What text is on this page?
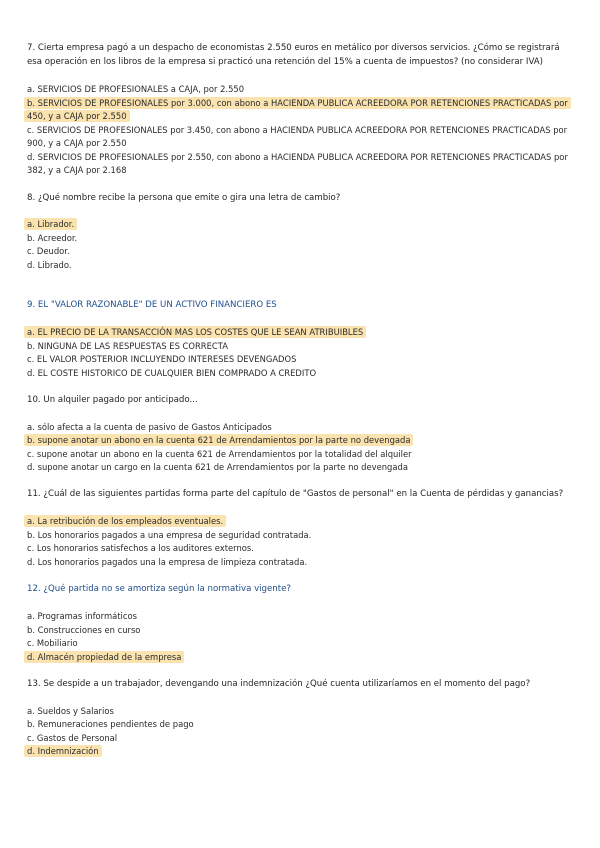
7. Cierta empresa pagó a un despacho de economistas 2.550 euros en metálico por diversos servicios. ¿Cómo se registrará esa operación en los libros de la empresa si practicó una retención del 15% a cuenta de impuestos? (no considerar IVA)
a. SERVICIOS DE PROFESIONALES a CAJA, por 2.550
b. SERVICIOS DE PROFESIONALES por 3.000, con abono a HACIENDA PUBLICA ACREEDORA POR RETENCIONES PRACTICADAS por 450, y a CAJA por 2.550
c. SERVICIOS DE PROFESIONALES por 3.450, con abono a HACIENDA PUBLICA ACREEDORA POR RETENCIONES PRACTICADAS por 900, y a CAJA por 2.550
d. SERVICIOS DE PROFESIONALES por 2.550, con abono a HACIENDA PUBLICA ACREEDORA POR RETENCIONES PRACTICADAS por 382, y a CAJA por 2.168
8. ¿Qué nombre recibe la persona que emite o gira una letra de cambio?
a. Librador.
b. Acreedor.
c. Deudor.
d. Librado.
9. EL "VALOR RAZONABLE" DE UN ACTIVO FINANCIERO ES
a. EL PRECIO DE LA TRANSACCIÓN MAS LOS COSTES QUE LE SEAN ATRIBUIBLES
b. NINGUNA DE LAS RESPUESTAS ES CORRECTA
c. EL VALOR POSTERIOR INCLUYENDO INTERESES DEVENGADOS
d. EL COSTE HISTORICO DE CUALQUIER BIEN COMPRADO A CREDITO
10. Un alquiler pagado por anticipado...
a. sólo afecta a la cuenta de pasivo de Gastos Anticipados
b. supone anotar un abono en la cuenta 621 de Arrendamientos por la parte no devengada
c. supone anotar un abono en la cuenta 621 de Arrendamientos por la totalidad del alquiler
d. supone anotar un cargo en la cuenta 621 de Arrendamientos por la parte no devengada
11. ¿Cuál de las siguientes partidas forma parte del capítulo de "Gastos de personal" en la Cuenta de pérdidas y ganancias?
a. La retribución de los empleados eventuales.
b. Los honorarios pagados a una empresa de seguridad contratada.
c. Los honorarios satisfechos a los auditores externos.
d. Los honorarios pagados una la empresa de limpieza contratada.
12. ¿Qué partida no se amortiza según la normativa vigente?
a. Programas informáticos
b. Construcciones en curso
c. Mobiliario
d. Almacén propiedad de la empresa
13. Se despide a un trabajador, devengando una indemnización ¿Qué cuenta utilizaríamos en el momento del pago?
a. Sueldos y Salarios
b. Remuneraciones pendientes de pago
c. Gastos de Personal
d. Indemnización
